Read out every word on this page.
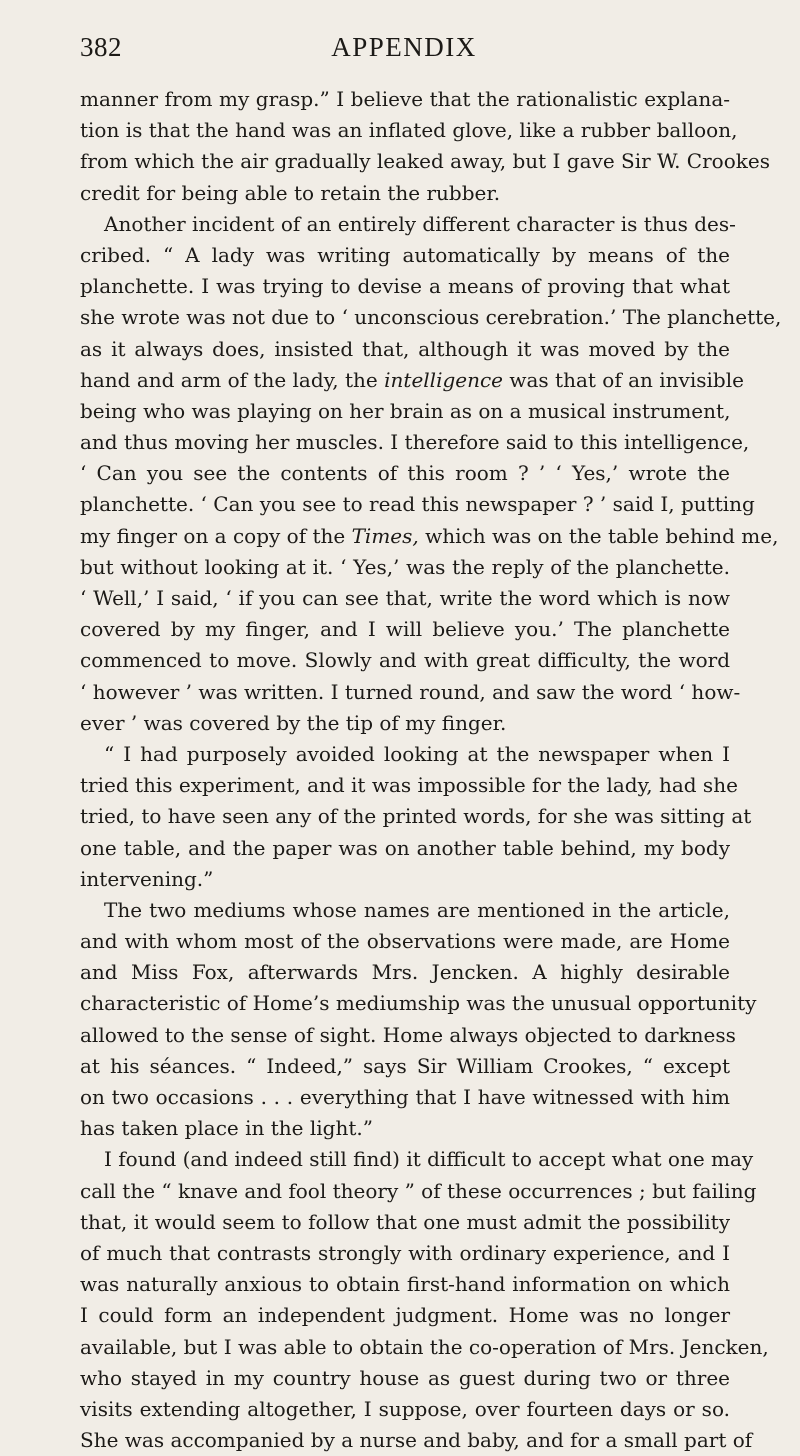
382	APPENDIX
manner from my grasp.” I believe that the rationalistic explana-
tion is that the hand was an inflated glove, like a rubber balloon,
from which the air gradually leaked away, but I gave Sir W. Crookes
credit for being able to retain the rubber.
Another incident of an entirely different character is thus des-
cribed. “ A lady was writing automatically by means of the
planchette. I was trying to devise a means of proving that what
she wrote was not due to ‘ unconscious cerebration.’ The planchette,
as it always does, insisted that, although it was moved by the
hand and arm of the lady, the intelligence was that of an invisible
being who was playing on her brain as on a musical instrument,
and thus moving her muscles. I therefore said to this intelligence,
‘ Can you see the contents of this room ? ’ ‘ Yes,’ wrote the
planchette. ‘ Can you see to read this newspaper ? ’ said I, putting
my finger on a copy of the Times, which was on the table behind me,
but without looking at it. ‘ Yes,’ was the reply of the planchette.
‘ Well,’ I said, ‘ if you can see that, write the word which is now
covered by my finger, and I will believe you.’ The planchette
commenced to move. Slowly and with great difficulty, the word
‘ however ’ was written. I turned round, and saw the word ‘ how-
ever ’ was covered by the tip of my finger.
“ I had purposely avoided looking at the newspaper when I
tried this experiment, and it was impossible for the lady, had she
tried, to have seen any of the printed words, for she was sitting at
one table, and the paper was on another table behind, my body
intervening.”
The two mediums whose names are mentioned in the article,
and with whom most of the observations were made, are Home
and Miss Fox, afterwards Mrs. Jencken. A highly desirable
characteristic of Home’s mediumship was the unusual opportunity
allowed to the sense of sight. Home always objected to darkness
at his séances. “ Indeed,” says Sir William Crookes, “ except
on two occasions . . . everything that I have witnessed with him
has taken place in the light.”
I found (and indeed still find) it difficult to accept what one may
call the “ knave and fool theory ” of these occurrences ; but failing
that, it would seem to follow that one must admit the possibility
of much that contrasts strongly with ordinary experience, and I
was naturally anxious to obtain first-hand information on which
I could form an independent judgment. Home was no longer
available, but I was able to obtain the co-operation of Mrs. Jencken,
who stayed in my country house as guest during two or three
visits extending altogether, I suppose, over fourteen days or so.
She was accompanied by a nurse and baby, and for a small part of
